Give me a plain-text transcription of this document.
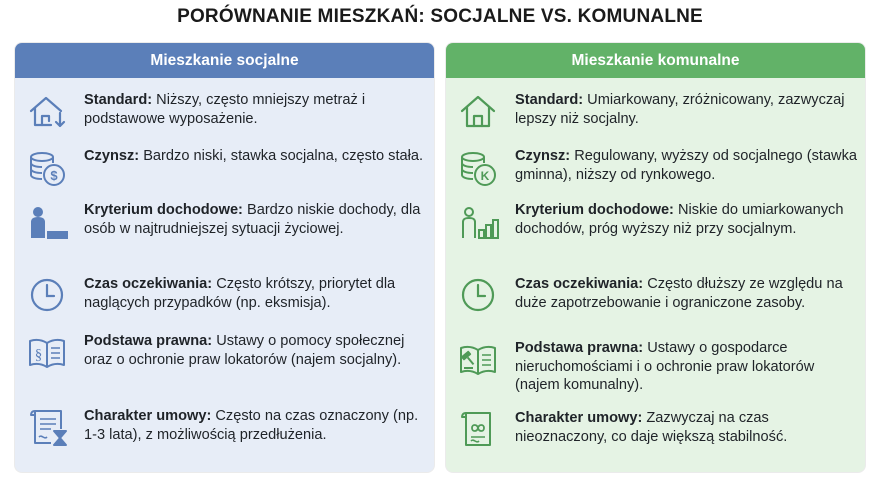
PORÓWNANIE MIESZKAŃ: SOCJALNE VS. KOMUNALNE
Mieszkanie socjalne
Standard: Niższy, często mniejszy metraż i podstawowe wyposażenie.
$
Czynsz: Bardzo niski, stawka socjalna, często stała.
Kryterium dochodowe: Bardzo niskie dochody, dla osób w najtrudniejszej sytuacji życiowej.
Czas oczekiwania: Często krótszy, priorytet dla naglących przypadków (np. eksmisja).
§
Podstawa prawna: Ustawy o pomocy społecznej oraz o ochronie praw lokatorów (najem socjalny).
Charakter umowy: Często na czas oznaczony (np. 1-3 lata), z możliwością przedłużenia.
Mieszkanie komunalne
Standard: Umiarkowany, zróżnicowany, zazwyczaj lepszy niż socjalny.
K
Czynsz: Regulowany, wyższy od socjalnego (stawka gminna), niższy od rynkowego.
Kryterium dochodowe: Niskie do umiarkowanych dochodów, próg wyższy niż przy socjalnym.
Czas oczekiwania: Często dłuższy ze względu na duże zapotrzebowanie i ograniczone zasoby.
Podstawa prawna: Ustawy o gospodarce nieruchomościami i o ochronie praw lokatorów (najem komunalny).
Charakter umowy: Zazwyczaj na czas nieoznaczony, co daje większą stabilność.
